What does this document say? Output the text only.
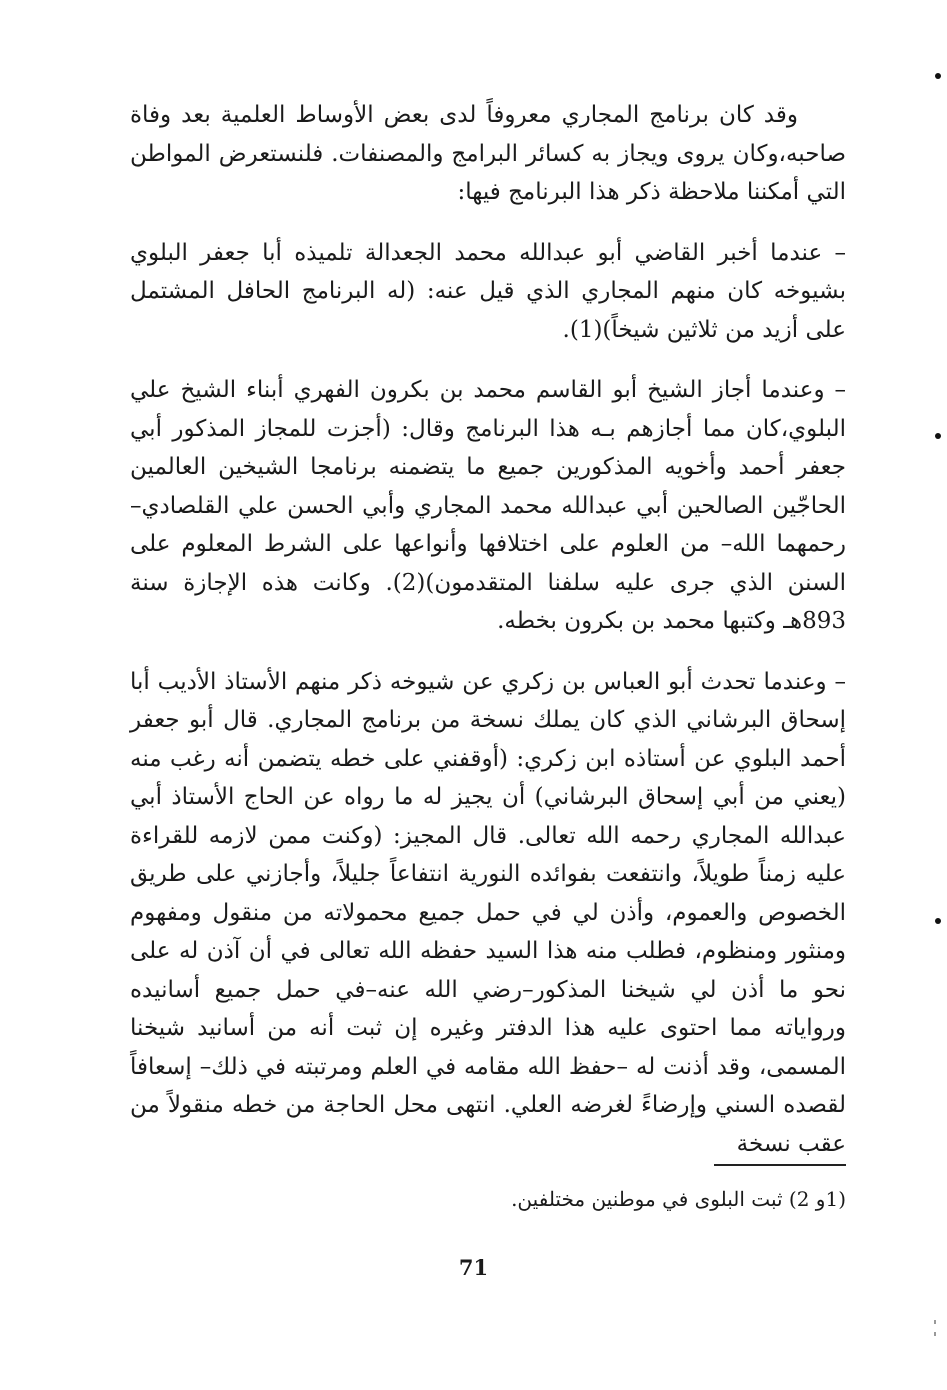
وقد كان برنامج المجاري معروفاً لدى بعض الأوساط العلمية بعد وفاة صاحبه،وكان يروى ويجاز به كسائر البرامج والمصنفات. فلنستعرض المواطن التي أمكننا ملاحظة ذكر هذا البرنامج فيها:

– عندما أخبر القاضي أبو عبدالله محمد الجعدالة تلميذه أبا جعفر البلوي بشيوخه كان منهم المجاري الذي قيل عنه: (له البرنامج الحافل المشتمل على أزيد من ثلاثين شيخاً)(1).

– وعندما أجاز الشيخ أبو القاسم محمد بن بكرون الفهري أبناء الشيخ علي البلوي،كان مما أجازهم بـه هذا البرنامج وقال: (أجزت للمجاز المذكور أبي جعفر أحمد وأخويه المذكورين جميع ما يتضمنه برنامجا الشيخين العالمين الحاجّين الصالحين أبي عبدالله محمد المجاري وأبي الحسن علي القلصادي–رحمهما الله– من العلوم على اختلافها وأنواعها على الشرط المعلوم على السنن الذي جرى عليه سلفنا المتقدمون)(2). وكانت هذه الإجازة سنة 893هـ وكتبها محمد بن بكرون بخطه.

– وعندما تحدث أبو العباس بن زكري عن شيوخه ذكر منهم الأستاذ الأديب أبا إسحاق البرشاني الذي كان يملك نسخة من برنامج المجاري. قال أبو جعفر أحمد البلوي عن أستاذه ابن زكري: (أوقفني على خطه يتضمن أنه رغب منه (يعني من أبي إسحاق البرشاني) أن يجيز له ما رواه عن الحاج الأستاذ أبي عبدالله المجاري رحمه الله تعالى. قال المجيز: (وكنت ممن لازمه للقراءة عليه زمناً طويلاً، وانتفعت بفوائده النورية انتفاعاً جليلاً، وأجازني على طريق الخصوص والعموم، وأذن لي في حمل جميع محمولاته من منقول ومفهوم ومنثور ومنظوم، فطلب منه هذا السيد حفظه الله تعالى في أن آذن له على نحو ما أذن لي شيخنا المذكور–رضي الله عنه–في حمل جميع أسانيده ورواياته مما احتوى عليه هذا الدفتر وغيره إن ثبت أنه من أسانيد شيخنا المسمى، وقد أذنت له –حفظ الله مقامه في العلم ومرتبته في ذلك– إسعافاً لقصده السني وإرضاءً لغرضه العلي. انتهى محل الحاجة من خطه منقولاً من عقب نسخة

(1و 2) ثبت البلوى في موطنين مختلفين.
71
